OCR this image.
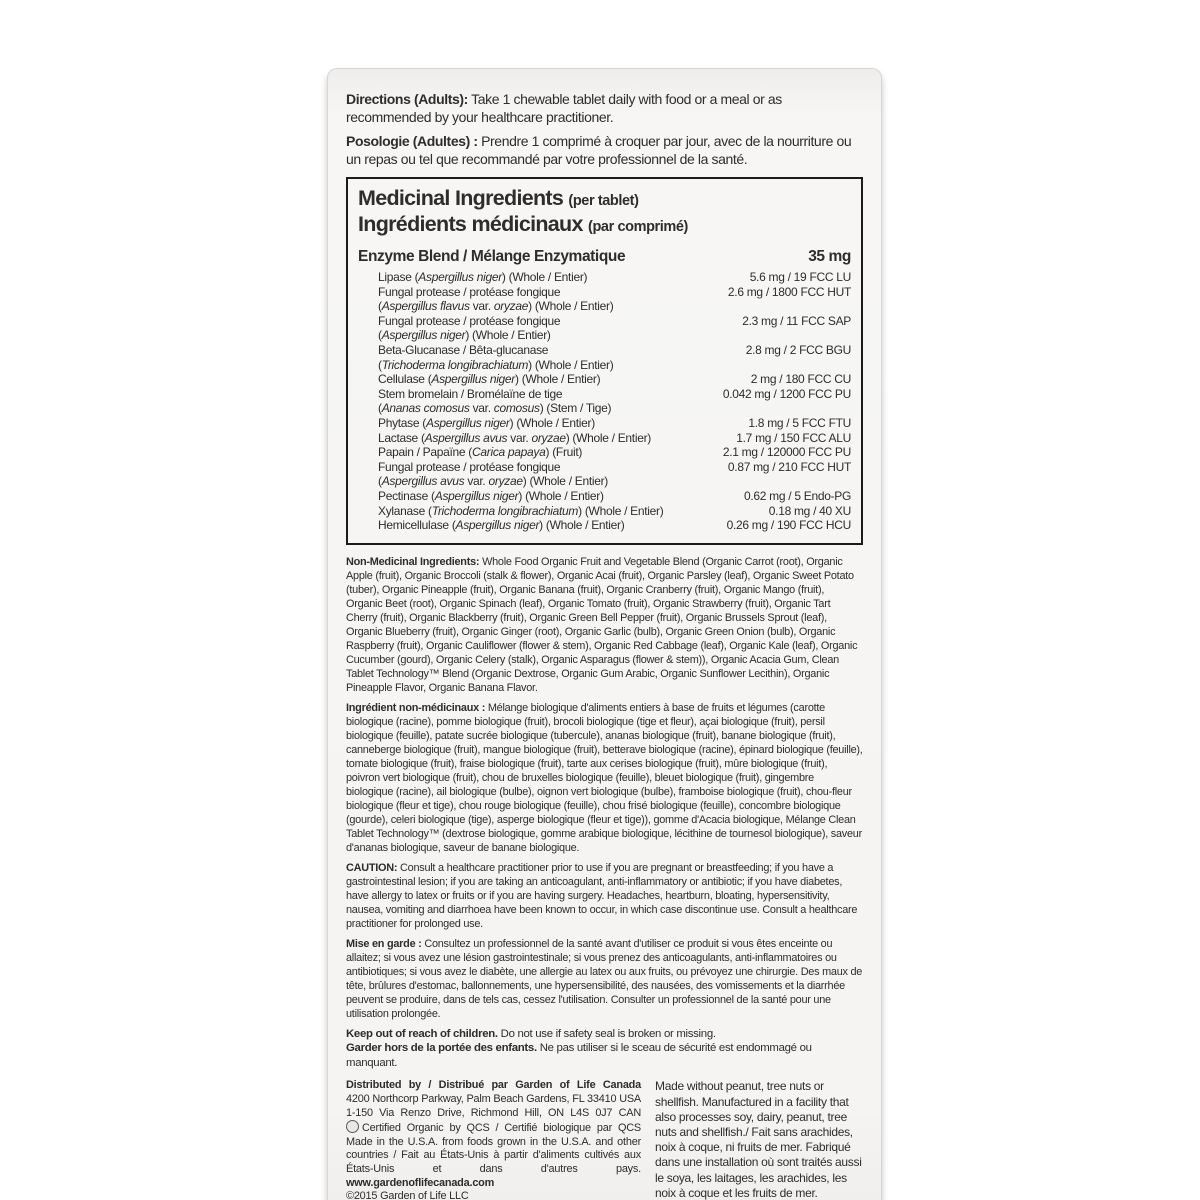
Directions (Adults): Take 1 chewable tablet daily with food or a meal or as recommended by your healthcare practitioner.

Posologie (Adultes) : Prendre 1 comprimé à croquer par jour, avec de la nourriture ou un repas ou tel que recommandé par votre professionnel de la santé.

Medicinal Ingredients (per tablet)
Ingrédients médicinaux (par comprimé)
Enzyme Blend / Mélange Enzymatique	35 mg
Lipase (Aspergillus niger) (Whole / Entier)	5.6 mg / 19 FCC LU
Fungal protease / protéase fongique
(Aspergillus flavus var. oryzae) (Whole / Entier)
2.6 mg / 1800 FCC HUT
Fungal protease / protéase fongique
(Aspergillus niger) (Whole / Entier)
2.3 mg / 11 FCC SAP
Beta-Glucanase / Bêta-glucanase
(Trichoderma longibrachiatum) (Whole / Entier)
2.8 mg / 2 FCC BGU
Cellulase (Aspergillus niger) (Whole / Entier)	2 mg / 180 FCC CU
Stem bromelain / Bromélaïne de tige
(Ananas comosus var. comosus) (Stem / Tige)
0.042 mg / 1200 FCC PU
Phytase (Aspergillus niger) (Whole / Entier)	1.8 mg / 5 FCC FTU
Lactase (Aspergillus avus var. oryzae) (Whole / Entier)	1.7 mg / 150 FCC ALU
Papain / Papaïne (Carica papaya) (Fruit)	2.1 mg / 120000 FCC PU
Fungal protease / protéase fongique
(Aspergillus avus var. oryzae) (Whole / Entier)
0.87 mg / 210 FCC HUT
Pectinase (Aspergillus niger) (Whole / Entier)	0.62 mg / 5 Endo-PG
Xylanase (Trichoderma longibrachiatum) (Whole / Entier)	0.18 mg / 40 XU
Hemicellulase (Aspergillus niger) (Whole / Entier)	0.26 mg / 190 FCC HCU

Non-Medicinal Ingredients: Whole Food Organic Fruit and Vegetable Blend (Organic Carrot (root), Organic Apple (fruit), Organic Broccoli (stalk & flower), Organic Acai (fruit), Organic Parsley (leaf), Organic Sweet Potato (tuber), Organic Pineapple (fruit), Organic Banana (fruit), Organic Cranberry (fruit), Organic Mango (fruit), Organic Beet (root), Organic Spinach (leaf), Organic Tomato (fruit), Organic Strawberry (fruit), Organic Tart Cherry (fruit), Organic Blackberry (fruit), Organic Green Bell Pepper (fruit), Organic Brussels Sprout (leaf), Organic Blueberry (fruit), Organic Ginger (root), Organic Garlic (bulb), Organic Green Onion (bulb), Organic Raspberry (fruit), Organic Cauliflower (flower & stem), Organic Red Cabbage (leaf), Organic Kale (leaf), Organic Cucumber (gourd), Organic Celery (stalk), Organic Asparagus (flower & stem)), Organic Acacia Gum, Clean Tablet Technology™ Blend (Organic Dextrose, Organic Gum Arabic, Organic Sunflower Lecithin), Organic Pineapple Flavor, Organic Banana Flavor.

Ingrédient non-médicinaux : Mélange biologique d'aliments entiers à base de fruits et légumes (carotte biologique (racine), pomme biologique (fruit), brocoli biologique (tige et fleur), açai biologique (fruit), persil biologique (feuille), patate sucrée biologique (tubercule), ananas biologique (fruit), banane biologique (fruit), canneberge biologique (fruit), mangue biologique (fruit), betterave biologique (racine), épinard biologique (feuille), tomate biologique (fruit), fraise biologique (fruit), tarte aux cerises biologique (fruit), mûre biologique (fruit), poivron vert biologique (fruit), chou de bruxelles biologique (feuille), bleuet biologique (fruit), gingembre biologique (racine), ail biologique (bulbe), oignon vert biologique (bulbe), framboise biologique (fruit), chou-fleur biologique (fleur et tige), chou rouge biologique (feuille), chou frisé biologique (feuille), concombre biologique (gourde), celeri biologique (tige), asperge biologique (fleur et tige)), gomme d'Acacia biologique, Mélange Clean Tablet Technology™ (dextrose biologique, gomme arabique biologique, lécithine de tournesol biologique), saveur d'ananas biologique, saveur de banane biologique.

CAUTION: Consult a healthcare practitioner prior to use if you are pregnant or breastfeeding; if you have a gastrointestinal lesion; if you are taking an anticoagulant, anti-inflammatory or antibiotic; if you have diabetes, have allergy to latex or fruits or if you are having surgery. Headaches, heartburn, bloating, hypersensitivity, nausea, vomiting and diarrhoea have been known to occur, in which case discontinue use. Consult a healthcare practitioner for prolonged use.

Mise en garde : Consultez un professionnel de la santé avant d'utiliser ce produit si vous êtes enceinte ou allaitez; si vous avez une lésion gastrointestinale; si vous prenez des anticoagulants, anti-inflammatoires ou antibiotiques; si vous avez le diabète, une allergie au latex ou aux fruits, ou prévoyez une chirurgie. Des maux de tête, brûlures d'estomac, ballonnements, une hypersensibilité, des nausées, des vomissements et la diarrhée peuvent se produire, dans de tels cas, cessez l'utilisation. Consulter un professionnel de la santé pour une utilisation prolongée.

Keep out of reach of children. Do not use if safety seal is broken or missing.

Garder hors de la portée des enfants. Ne pas utiliser si le sceau de sécurité est endommagé ou manquant.

Distributed by / Distribué par Garden of Life Canada
4200 Northcorp Parkway, Palm Beach Gardens, FL 33410 USA
1-150 Via Renzo Drive, Richmond Hill, ON L4S 0J7 CAN
Certified Organic by QCS / Certifié biologique par QCS
Made in the U.S.A. from foods grown in the U.S.A. and other countries / Fait au États-Unis à partir d'aliments cultivés aux États-Unis et dans d'autres pays. www.gardenoflifecanada.com
©2015 Garden of Life LLC
Made without peanut, tree nuts or shellfish. Manufactured in a facility that also processes soy, dairy, peanut, tree nuts and shellfish./ Fait sans arachides, noix à coque, ni fruits de mer. Fabriqué dans une installation où sont traités aussi le soya, les laitages, les arachides, les noix à coque et les fruits de mer.
